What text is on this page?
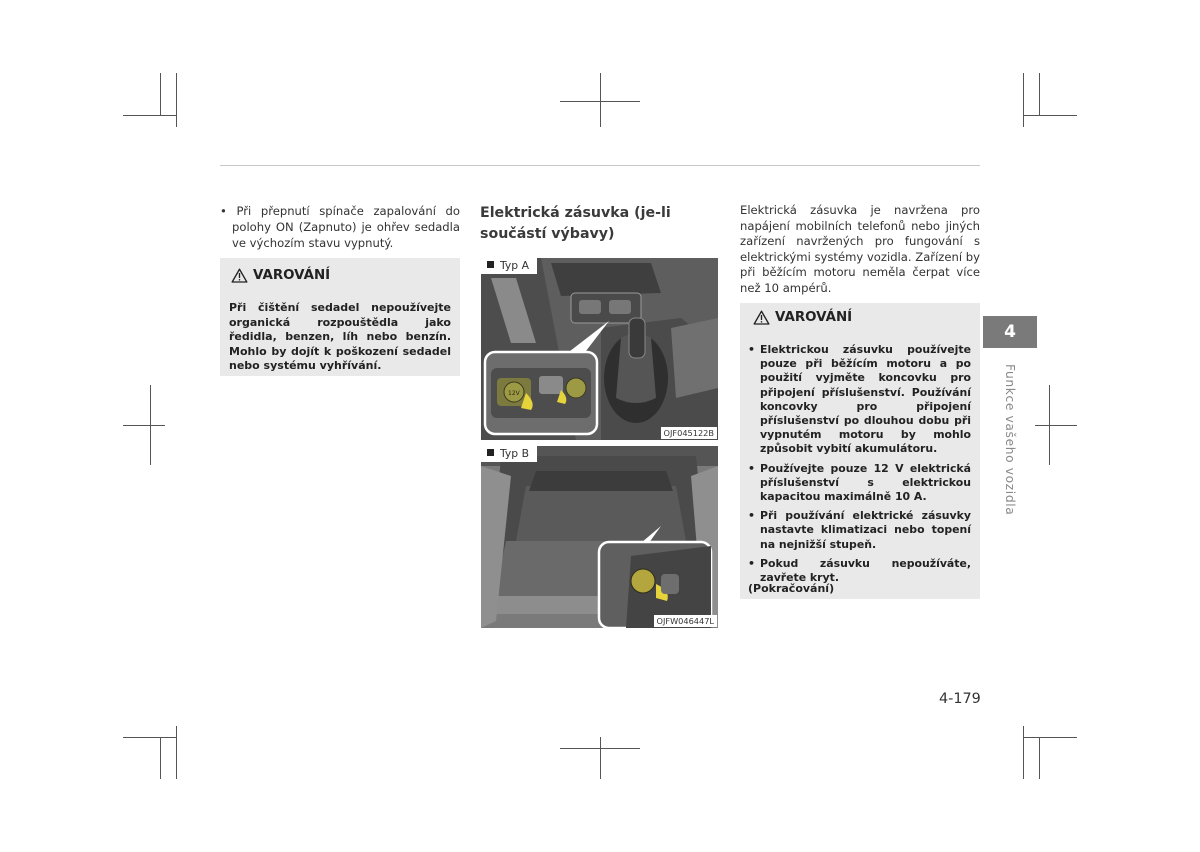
• Při přepnutí spínače zapalování do polohy ON (Zapnuto) je ohřev sedadla ve výchozím stavu vypnutý.
VAROVÁNÍ
Při čištění sedadel nepoužívejte organická rozpouštědla jako ředidla, benzen, líh nebo benzín. Mohlo by dojít k poškození sedadel nebo systému vyhřívání.
Elektrická zásuvka (je-li součástí výbavy)
12V
Typ A
OJF045122B
Typ B
OJFW046447L
Elektrická zásuvka je navržena pro napájení mobilních telefonů nebo jiných zařízení navržených pro fungování s elektrickými systémy vozidla. Zařízení by při běžícím motoru neměla čerpat více než 10 ampérů.
VAROVÁNÍ
• Elektrickou zásuvku používejte pouze při běžícím motoru a po použití vyjměte koncovku pro připojení příslušenství. Používání koncovky pro připojení příslušenství po dlouhou dobu při vypnutém motoru by mohlo způsobit vybití akumulátoru.
• Používejte pouze 12 V elektrická příslušenství s elektrickou kapacitou maximálně 10 A.
• Při používání elektrické zásuvky nastavte klimatizaci nebo topení na nejnižší stupeň.
• Pokud zásuvku nepoužíváte, zavřete kryt.
(Pokračování)
4
Funkce vašeho vozidla
4-179
